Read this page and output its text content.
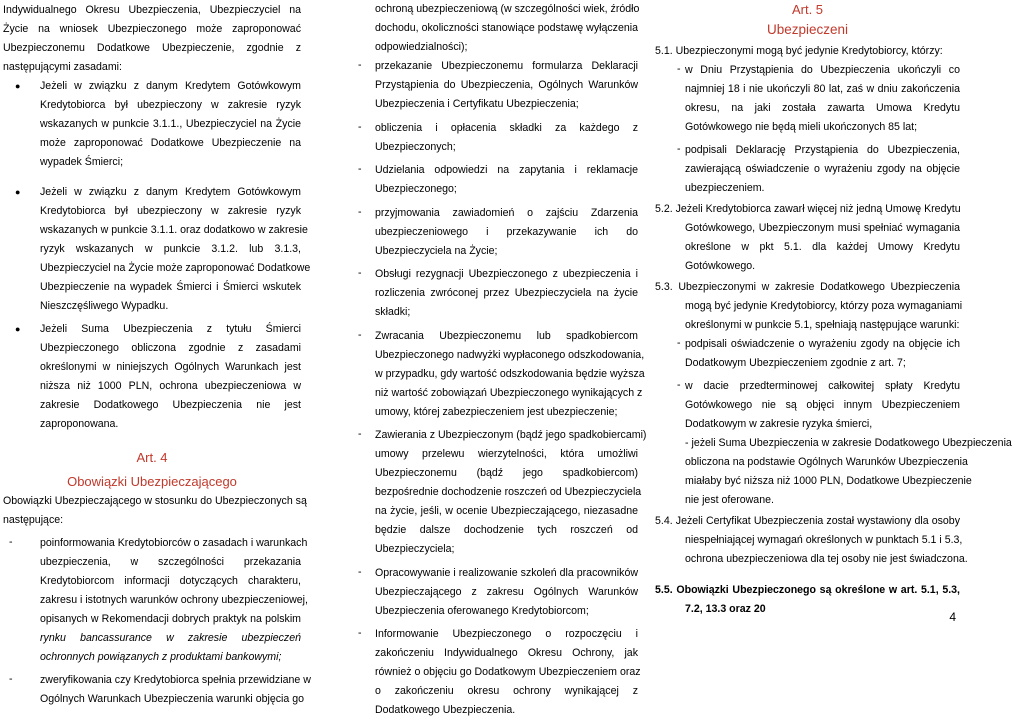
Indywidualnego Okresu Ubezpieczenia, Ubezpieczyciel na
Życie na wniosek Ubezpieczonego może zaproponować
Ubezpieczonemu Dodatkowe Ubezpieczenie, zgodnie z
następującymi zasadami:
● Jeżeli w związku z danym Kredytem Gotówkowym
Kredytobiorca był ubezpieczony w zakresie ryzyk
wskazanych w punkcie 3.1.1., Ubezpieczyciel na Życie
może zaproponować Dodatkowe Ubezpieczenie na
wypadek Śmierci;
● Jeżeli w związku z danym Kredytem Gotówkowym
Kredytobiorca był ubezpieczony w zakresie ryzyk
wskazanych w punkcie 3.1.1. oraz dodatkowo w zakresie
ryzyk wskazanych w punkcie 3.1.2. lub 3.1.3,
Ubezpieczyciel na Życie może zaproponować Dodatkowe
Ubezpieczenie na wypadek Śmierci i Śmierci wskutek
Nieszczęśliwego Wypadku.
● Jeżeli Suma Ubezpieczenia z tytułu Śmierci
Ubezpieczonego obliczona zgodnie z zasadami
określonymi w niniejszych Ogólnych Warunkach jest
niższa niż 1000 PLN, ochrona ubezpieczeniowa w
zakresie Dodatkowego Ubezpieczenia nie jest
zaproponowana.
Art. 4
Obowiązki Ubezpieczającego
Obowiązki Ubezpieczającego w stosunku do Ubezpieczonych są
następujące:
-	poinformowania Kredytobiorców o zasadach i warunkach
ubezpieczenia, w szczególności przekazania
Kredytobiorcom informacji dotyczących charakteru,
zakresu i istotnych warunków ochrony ubezpieczeniowej,
opisanych w Rekomendacji dobrych praktyk na polskim
rynku bancassurance w zakresie ubezpieczeń
ochronnych powiązanych z produktami bankowymi;
-	zweryfikowania czy Kredytobiorca spełnia przewidziane w
Ogólnych Warunkach Ubezpieczenia warunki objęcia go
ochroną ubezpieczeniową (w szczególności wiek, źródło
dochodu, okoliczności stanowiące podstawę wyłączenia
odpowiedzialności);
- przekazanie Ubezpieczonemu formularza Deklaracji
Przystąpienia do Ubezpieczenia, Ogólnych Warunków
Ubezpieczenia i Certyfikatu Ubezpieczenia;
- obliczenia i opłacenia składki za każdego z
Ubezpieczonych;
- Udzielania odpowiedzi na zapytania i reklamacje
Ubezpieczonego;
- przyjmowania zawiadomień o zajściu Zdarzenia
ubezpieczeniowego i przekazywanie ich do
Ubezpieczyciela na Życie;
- Obsługi rezygnacji Ubezpieczonego z ubezpieczenia i
rozliczenia zwróconej przez Ubezpieczyciela na życie
składki;
- Zwracania Ubezpieczonemu lub spadkobiercom
Ubezpieczonego nadwyżki wypłaconego odszkodowania,
w przypadku, gdy wartość odszkodowania będzie wyższa
niż wartość zobowiązań Ubezpieczonego wynikających z
umowy, której zabezpieczeniem jest ubezpieczenie;
- Zawierania z Ubezpieczonym (bądź jego spadkobiercami)
umowy przelewu wierzytelności, która umożliwi
Ubezpieczonemu (bądź jego spadkobiercom)
bezpośrednie dochodzenie roszczeń od Ubezpieczyciela
na życie, jeśli, w ocenie Ubezpieczającego, niezasadne
będzie dalsze dochodzenie tych roszczeń od
Ubezpieczyciela;
- Opracowywanie i realizowanie szkoleń dla pracowników
Ubezpieczającego z zakresu Ogólnych Warunków
Ubezpieczenia oferowanego Kredytobiorcom;
- Informowanie Ubezpieczonego o rozpoczęciu i
zakończeniu Indywidualnego Okresu Ochrony, jak
również o objęciu go Dodatkowym Ubezpieczeniem oraz
o zakończeniu okresu ochrony wynikającej z
Dodatkowego Ubezpieczenia.
Art. 5
Ubezpieczeni
5.1. Ubezpieczonymi mogą być jedynie Kredytobiorcy, którzy:
- w Dniu Przystąpienia do Ubezpieczenia ukończyli co
najmniej 18 i nie ukończyli 80 lat, zaś w dniu zakończenia
okresu, na jaki została zawarta Umowa Kredytu
Gotówkowego nie będą mieli ukończonych 85 lat;
- podpisali Deklarację Przystąpienia do Ubezpieczenia,
zawierającą oświadczenie o wyrażeniu zgody na objęcie
ubezpieczeniem.
5.2. Jeżeli Kredytobiorca zawarł więcej niż jedną Umowę Kredytu
Gotówkowego, Ubezpieczonym musi spełniać wymagania
określone w pkt 5.1. dla każdej Umowy Kredytu
Gotówkowego.
5.3. Ubezpieczonymi w zakresie Dodatkowego Ubezpieczenia
mogą być jedynie Kredytobiorcy, którzy poza wymaganiami
określonymi w punkcie 5.1, spełniają następujące warunki:
- podpisali oświadczenie o wyrażeniu zgody na objęcie ich
Dodatkowym Ubezpieczeniem zgodnie z art. 7;
- w dacie przedterminowej całkowitej spłaty Kredytu
Gotówkowego nie są objęci innym Ubezpieczeniem
Dodatkowym w zakresie ryzyka śmierci,
- jeżeli Suma Ubezpieczenia w zakresie Dodatkowego Ubezpieczenia
obliczona na podstawie Ogólnych Warunków Ubezpieczenia
miałaby być niższa niż 1000 PLN, Dodatkowe Ubezpieczenie
nie jest oferowane.
5.4. Jeżeli Certyfikat Ubezpieczenia został wystawiony dla osoby
niespełniającej wymagań określonych w punktach 5.1 i 5.3,
ochrona ubezpieczeniowa dla tej osoby nie jest świadczona.
5.5. Obowiązki Ubezpieczonego są określone w art. 5.1, 5.3,
7.2, 13.3 oraz 20
4
